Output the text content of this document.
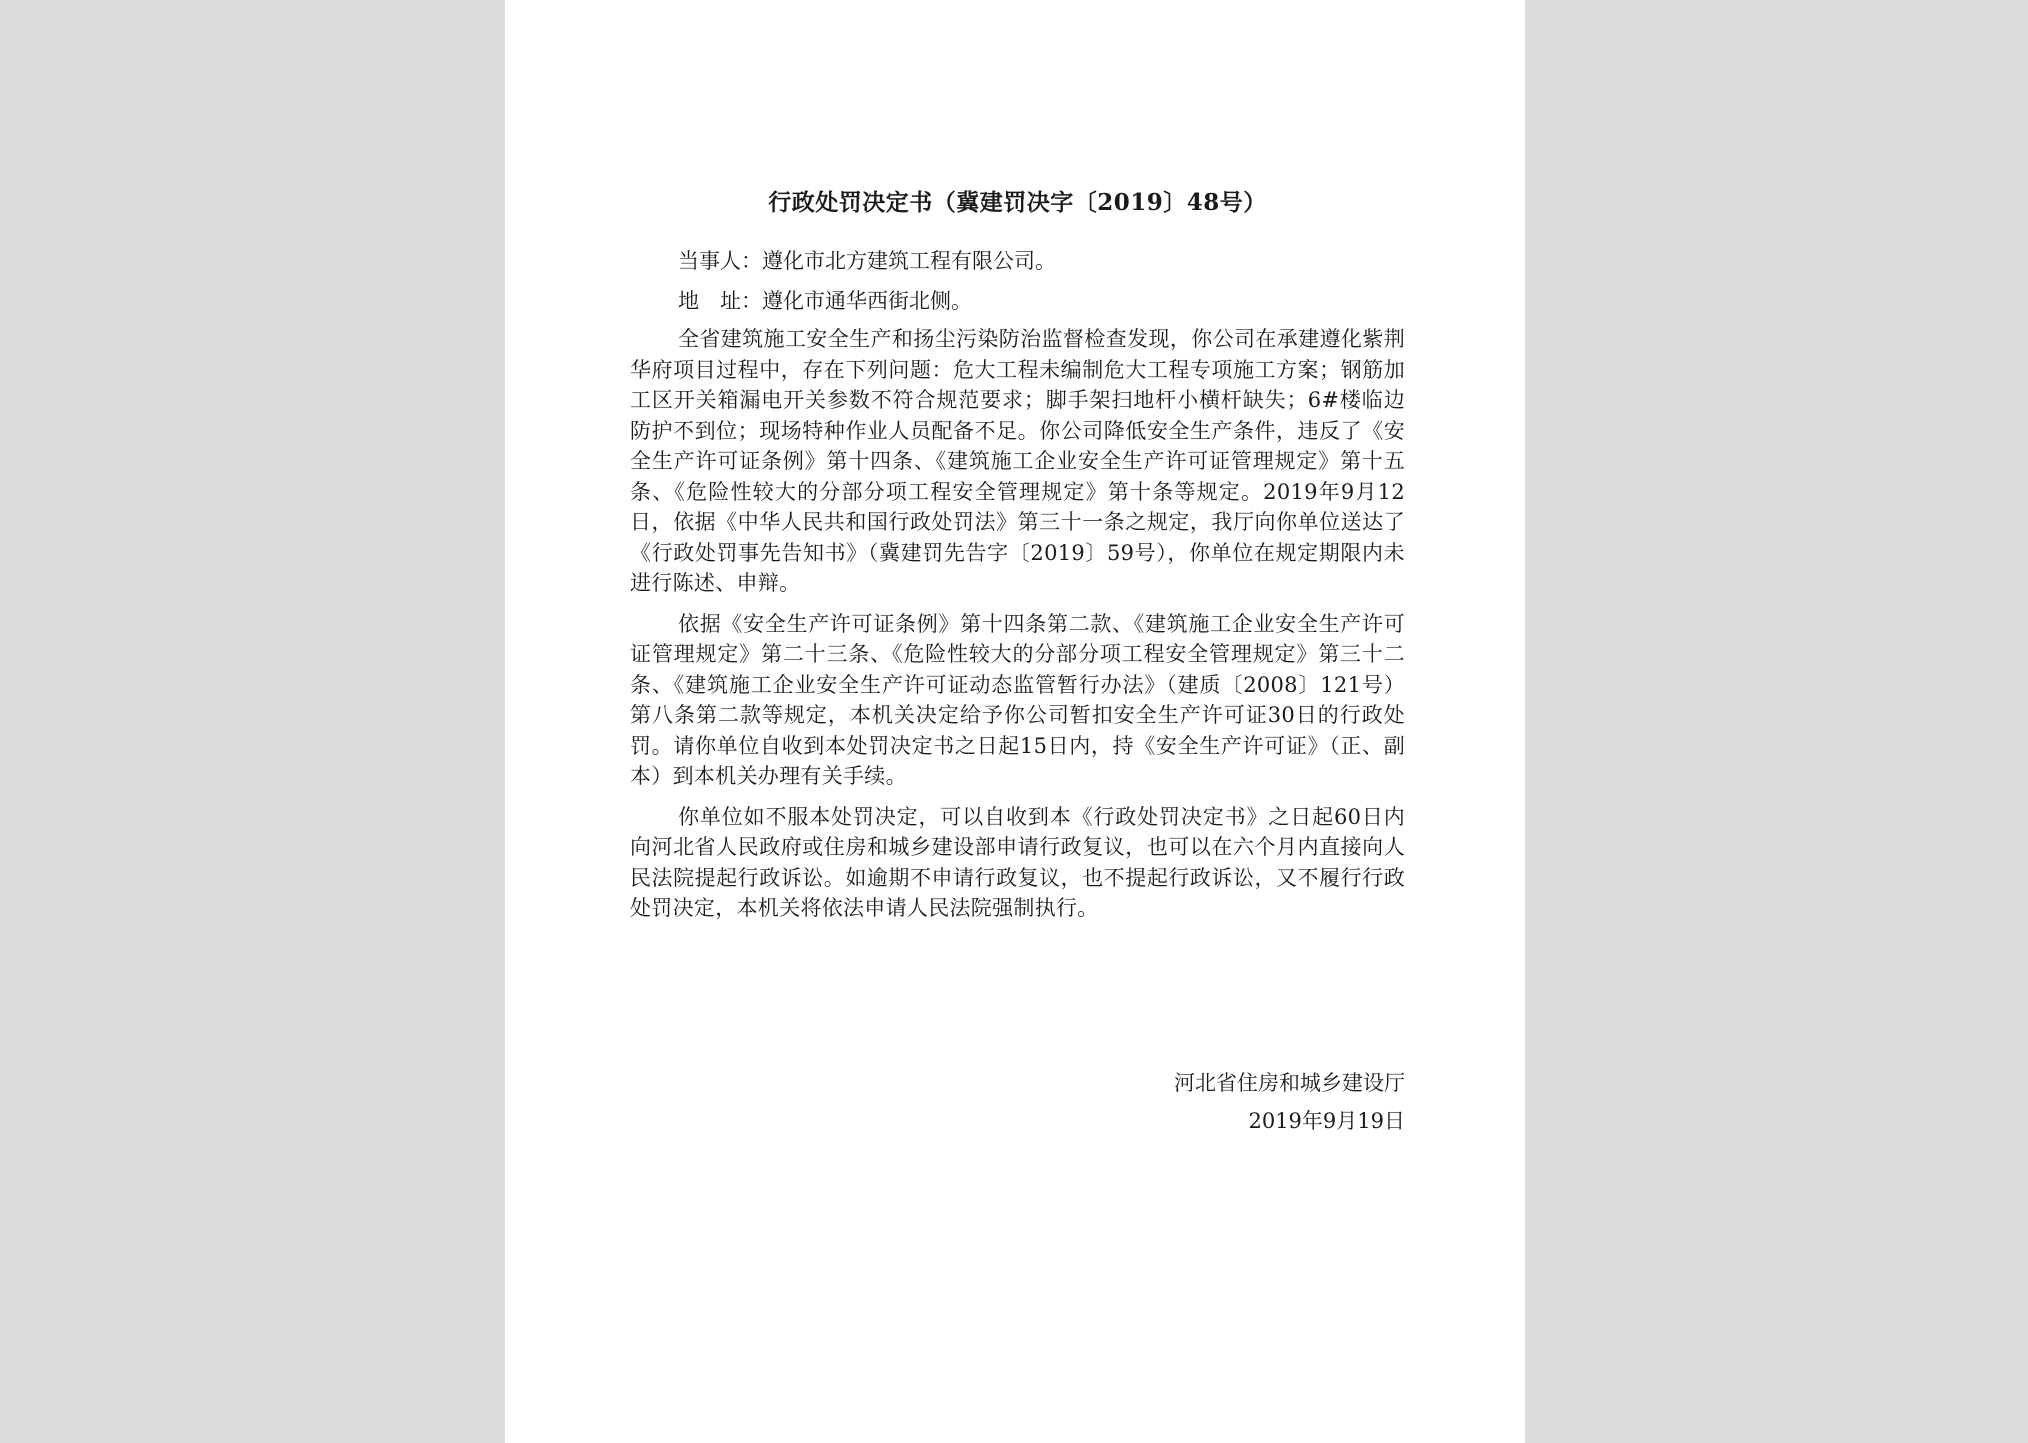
行政处罚决定书（冀建罚决字〔2019〕48号）
当事人：遵化市北方建筑工程有限公司。
地 址： 遵化市通华西街北侧。

全省建筑施工安全生产和扬尘污染防治监督检查发现，你公司在承建遵化紫荆华府项目过程中，存在下列问题：危大工程未编制危大工程专项施工方案；钢筋加工区开关箱漏电开关参数不符合规范要求；脚手架扫地杆小横杆缺失；6#楼临边防护不到位；现场特种作业人员配备不足。你公司降低安全生产条件，违反了《安全生产许可证条例》第十四条、《建筑施工企业安全生产许可证管理规定》第十五条、《危险性较大的分部分项工程安全管理规定》第十条等规定。2019年9月12日，依据《中华人民共和国行政处罚法》第三十一条之规定，我厅向你单位送达了《行政处罚事先告知书》（冀建罚先告字〔2019〕59号），你单位在规定期限内未进行陈述、申辩。

依据《安全生产许可证条例》第十四条第二款、《建筑施工企业安全生产许可证管理规定》第二十三条、《危险性较大的分部分项工程安全管理规定》第三十二条、《建筑施工企业安全生产许可证动态监管暂行办法》（建质〔2008〕121号）第八条第二款等规定，本机关决定给予你公司暂扣安全生产许可证30日的行政处罚。请你单位自收到本处罚决定书之日起15日内，持《安全生产许可证》（正、副本）到本机关办理有关手续。

你单位如不服本处罚决定，可以自收到本《行政处罚决定书》之日起60日内向河北省人民政府或住房和城乡建设部申请行政复议，也可以在六个月内直接向人民法院提起行政诉讼。如逾期不申请行政复议，也不提起行政诉讼，又不履行行政处罚决定，本机关将依法申请人民法院强制执行。

河北省住房和城乡建设厅
2019年9月19日
